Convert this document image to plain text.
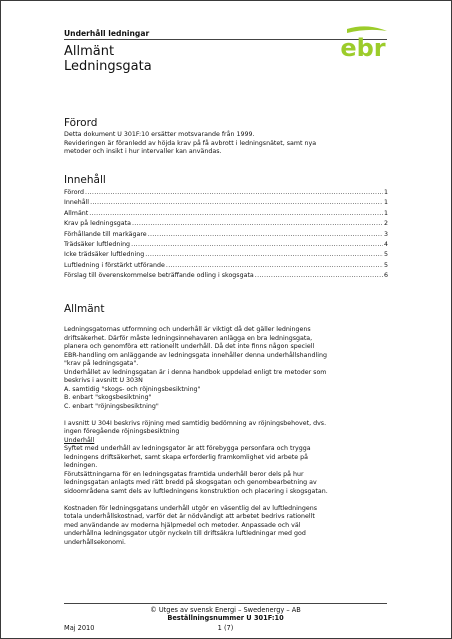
Underhåll ledningar
Allmänt
Ledningsgata
ebr
Förord
Detta dokument U 301F:10 ersätter motsvarande från 1999.
Revideringen är föranledd av höjda krav på få avbrott i ledningsnätet, samt nya
metoder och insikt i hur intervaller kan användas.
Innehåll
Förord .....	1
Innehåll .....	1
Allmänt .....	1
Krav på ledningsgata .....	2
Förhållande till markägare .....	3
Trädsäker luftledning .....	4
Icke trädsäker luftledning .....	5
Luftledning i förstärkt utförande .....	5
Förslag till överenskommelse beträffande odling i skogsgata .....	6
Allmänt
Ledningsgatornas utformning och underhåll är viktigt då det gäller ledningens
driftsäkerhet. Därför måste ledningsinnehavaren anlägga en bra ledningsgata,
planera och genomföra ett rationellt underhåll. Då det inte finns någon speciell
EBR-handling om anläggande av ledningsgata innehåller denna underhållshandling
"krav på ledningsgata".
Underhållet av ledningsgatan är i denna handbok uppdelad enligt tre metoder som
beskrivs i avsnitt U 303N
A. samtidig "skogs- och röjningsbesiktning"
B. enbart "skogsbesiktning"
C. enbart "röjningsbesiktning"
I avsnitt U 304I beskrivs röjning med samtidig bedömning av röjningsbehovet, dvs.
ingen föregående röjningsbesiktning
Underhåll
Syftet med underhåll av ledningsgator är att förebygga personfara och trygga
ledningens driftsäkerhet, samt skapa erforderlig framkomlighet vid arbete på
ledningen.
Förutsättningarna för en ledningsgatas framtida underhåll beror dels på hur
ledningsgatan anlagts med rätt bredd på skogsgatan och genombearbetning av
sidoområdena samt dels av luftledningens konstruktion och placering i skogsgatan.
Kostnaden för ledningsgatans underhåll utgör en väsentlig del av luftledningens
totala underhållskostnad, varför det är nödvändigt att arbetet bedrivs rationellt
med användande av moderna hjälpmedel och metoder. Anpassade och väl
underhållna ledningsgator utgör nyckeln till driftsäkra luftledningar med god
underhållsekonomi.
© Utges av svensk Energi – Swedenergy – AB
Beställningsnummer U 301F:10
Maj 2010	1 (7)
